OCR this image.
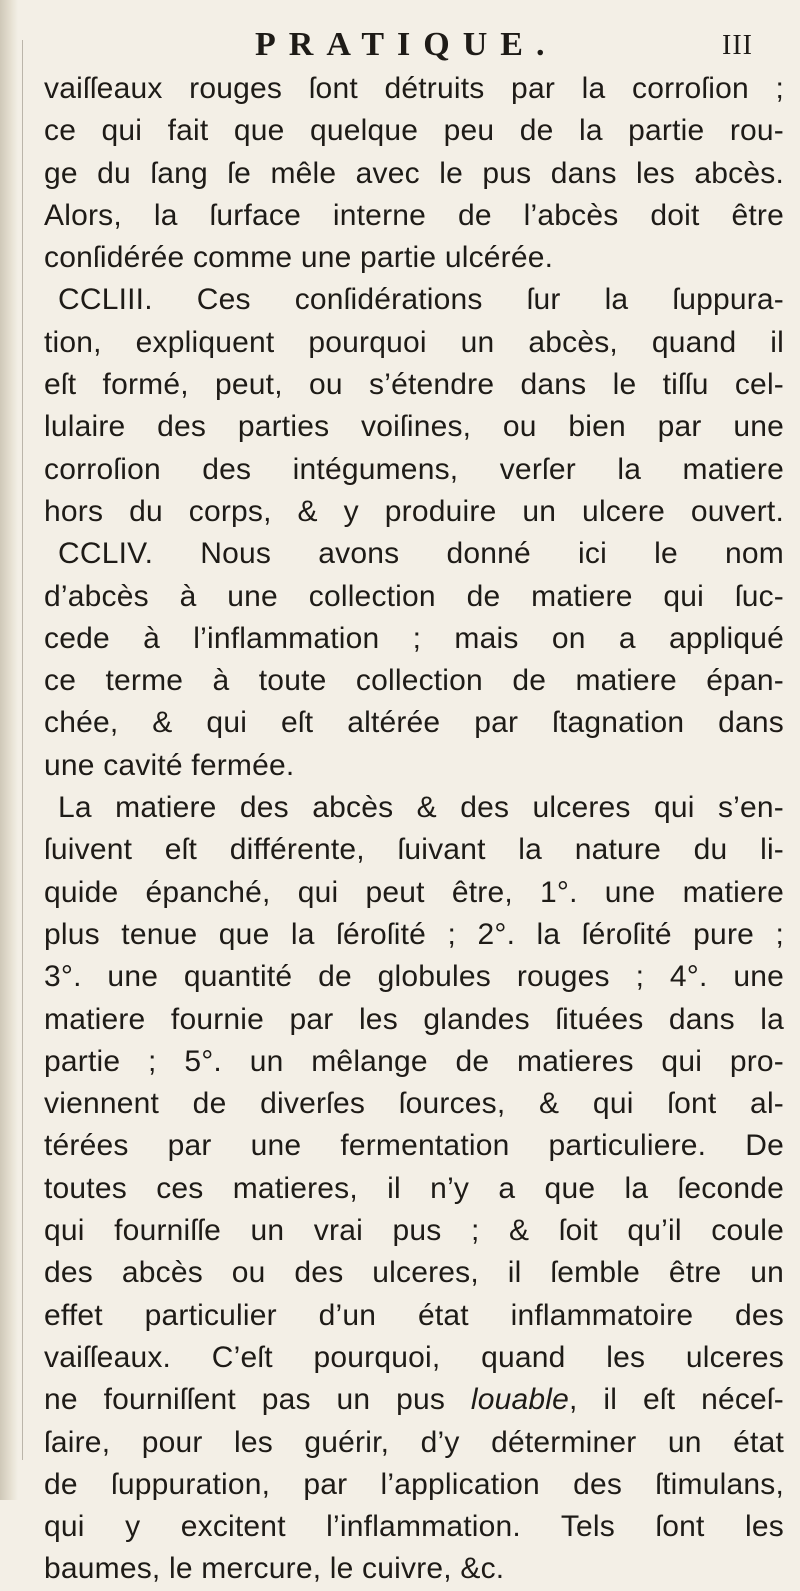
PRATIQUE.	III
vaiſſeaux rouges ſont détruits par la corroſion ;
ce qui fait que quelque peu de la partie rou-
ge du ſang ſe mêle avec le pus dans les abcès.
Alors, la ſurface interne de l’abcès doit être
conſidérée comme une partie ulcérée.
CCLIII. Ces conſidérations ſur la ſuppura-
tion, expliquent pourquoi un abcès, quand il
eſt formé, peut, ou s’étendre dans le tiſſu cel-
lulaire des parties voiſines, ou bien par une
corroſion des intégumens, verſer la matiere
hors du corps, & y produire un ulcere ouvert.
CCLIV. Nous avons donné ici le nom
d’abcès à une collection de matiere qui ſuc-
cede à l’inflammation ; mais on a appliqué
ce terme à toute collection de matiere épan-
chée, & qui eſt altérée par ſtagnation dans
une cavité fermée.
La matiere des abcès & des ulceres qui s’en-
ſuivent eſt différente, ſuivant la nature du li-
quide épanché, qui peut être, 1°. une matiere
plus tenue que la ſéroſité ; 2°. la ſéroſité pure ;
3°. une quantité de globules rouges ; 4°. une
matiere fournie par les glandes ſituées dans la
partie ; 5°. un mêlange de matieres qui pro-
viennent de diverſes ſources, & qui ſont al-
térées par une fermentation particuliere. De
toutes ces matieres, il n’y a que la ſeconde
qui fourniſſe un vrai pus ; & ſoit qu’il coule
des abcès ou des ulceres, il ſemble être un
effet particulier d’un état inflammatoire des
vaiſſeaux. C’eſt pourquoi, quand les ulceres
ne fourniſſent pas un pus louable, il eſt néceſ-
ſaire, pour les guérir, d’y déterminer un état
de ſuppuration, par l’application des ſtimulans,
qui y excitent l’inflammation. Tels ſont les
baumes, le mercure, le cuivre, &c.
